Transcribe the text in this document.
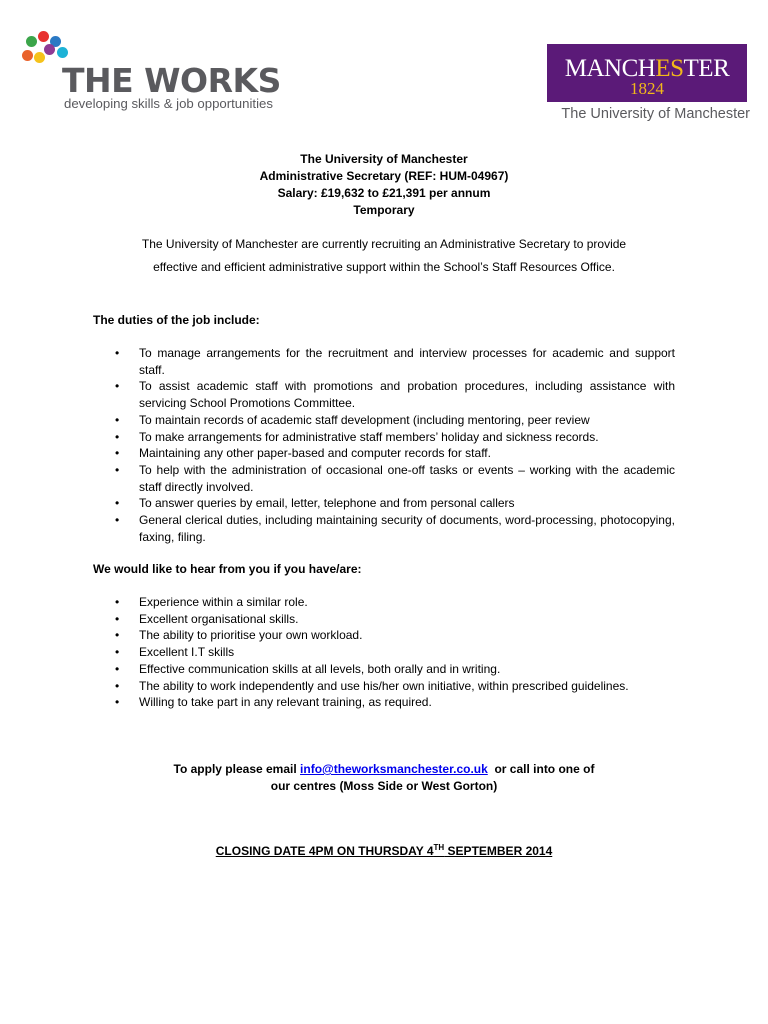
THE WORKS
developing skills & job opportunities
MANCHESTER
1824
The University of Manchester
The University of Manchester
Administrative Secretary (REF: HUM-04967)
Salary: £19,632 to £21,391 per annum
Temporary
The University of Manchester are currently recruiting an Administrative Secretary to provide
effective and efficient administrative support within the School’s Staff Resources Office.
The duties of the job include:
• To manage arrangements for the recruitment and interview processes for academic and support staff.
• To assist academic staff with promotions and probation procedures, including assistance with servicing School Promotions Committee.
• To maintain records of academic staff development (including mentoring, peer review
• To make arrangements for administrative staff members’ holiday and sickness records.
• Maintaining any other paper-based and computer records for staff.
• To help with the administration of occasional one-off tasks or events – working with the academic staff directly involved.
• To answer queries by email, letter, telephone and from personal callers
• General clerical duties, including maintaining security of documents, word-processing, photocopying, faxing, filing.
We would like to hear from you if you have/are:
• Experience within a similar role.
• Excellent organisational skills.
• The ability to prioritise your own workload.
• Excellent I.T skills
• Effective communication skills at all levels, both orally and in writing.
• The ability to work independently and use his/her own initiative, within prescribed guidelines.
• Willing to take part in any relevant training, as required.
To apply please email info@theworksmanchester.co.uk  or call into one of
our centres (Moss Side or West Gorton)
CLOSING DATE 4PM ON THURSDAY 4TH SEPTEMBER 2014
